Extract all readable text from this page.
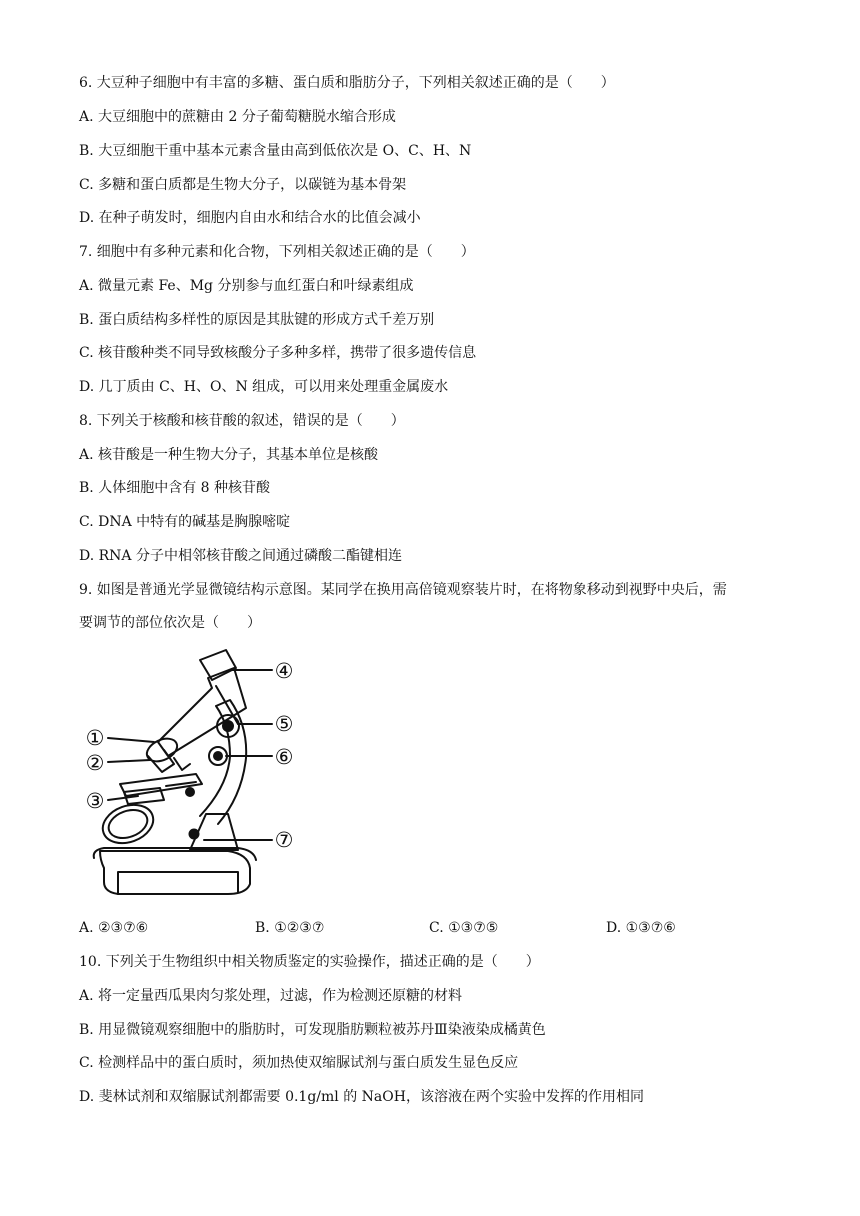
6. 大豆种子细胞中有丰富的多糖、蛋白质和脂肪分子，下列相关叙述正确的是（　　）
A. 大豆细胞中的蔗糖由 2 分子葡萄糖脱水缩合形成
B. 大豆细胞干重中基本元素含量由高到低依次是 O、C、H、N
C. 多糖和蛋白质都是生物大分子，以碳链为基本骨架
D. 在种子萌发时，细胞内自由水和结合水的比值会减小
7. 细胞中有多种元素和化合物，下列相关叙述正确的是（　　）
A. 微量元素 Fe、Mg 分别参与血红蛋白和叶绿素组成
B. 蛋白质结构多样性的原因是其肽键的形成方式千差万别
C. 核苷酸种类不同导致核酸分子多种多样，携带了很多遗传信息
D. 几丁质由 C、H、O、N 组成，可以用来处理重金属废水
8. 下列关于核酸和核苷酸的叙述，错误的是（　　）
A. 核苷酸是一种生物大分子，其基本单位是核酸
B. 人体细胞中含有 8 种核苷酸
C. DNA 中特有的碱基是胸腺嘧啶
D. RNA 分子中相邻核苷酸之间通过磷酸二酯键相连
9. 如图是普通光学显微镜结构示意图。某同学在换用高倍镜观察装片时，在将物象移动到视野中央后，需
要调节的部位依次是（　　）
④
①
⑤
②	⑥
③
⑦
A. ②③⑦⑥	B. ①②③⑦	C. ①③⑦⑤	D. ①③⑦⑥
10. 下列关于生物组织中相关物质鉴定的实验操作，描述正确的是（　　）
A. 将一定量西瓜果肉匀浆处理，过滤，作为检测还原糖的材料
B. 用显微镜观察细胞中的脂肪时，可发现脂肪颗粒被苏丹Ⅲ染液染成橘黄色
C. 检测样品中的蛋白质时，须加热使双缩脲试剂与蛋白质发生显色反应
D. 斐林试剂和双缩脲试剂都需要 0.1g/ml 的 NaOH，该溶液在两个实验中发挥的作用相同
